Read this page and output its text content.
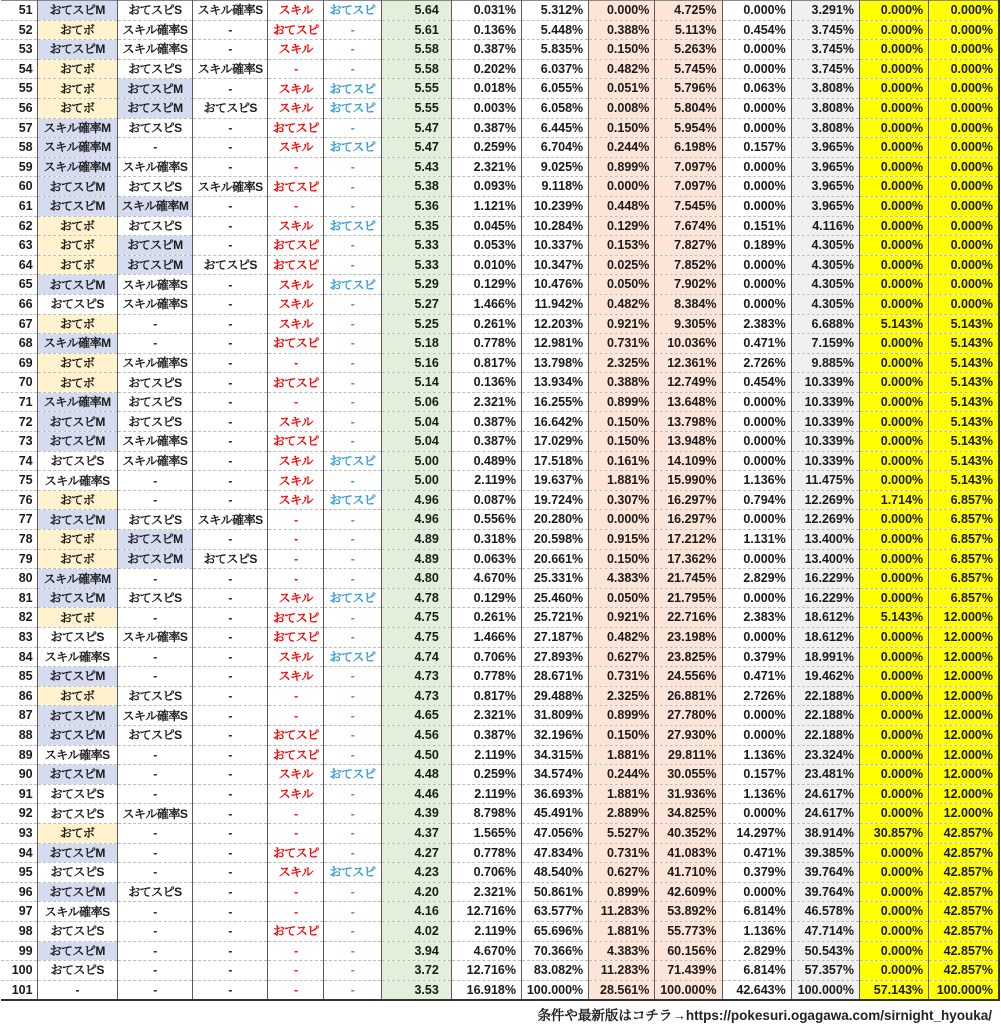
51	おてスピM	おてスピS	スキル確率S	スキル	おてスピ	5.64	0.031%	5.312%	0.000%	4.725%	0.000%	3.291%	0.000%	0.000%
52	おてボ	スキル確率S	-	おてスピ	-	5.61	0.136%	5.448%	0.388%	5.113%	0.454%	3.745%	0.000%	0.000%
53	おてスピM	スキル確率S	-	スキル	-	5.58	0.387%	5.835%	0.150%	5.263%	0.000%	3.745%	0.000%	0.000%
54	おてボ	おてスピS	スキル確率S	-	-	5.58	0.202%	6.037%	0.482%	5.745%	0.000%	3.745%	0.000%	0.000%
55	おてボ	おてスピM	-	スキル	おてスピ	5.55	0.018%	6.055%	0.051%	5.796%	0.063%	3.808%	0.000%	0.000%
56	おてボ	おてスピM	おてスピS	スキル	おてスピ	5.55	0.003%	6.058%	0.008%	5.804%	0.000%	3.808%	0.000%	0.000%
57	スキル確率M	おてスピS	-	おてスピ	-	5.47	0.387%	6.445%	0.150%	5.954%	0.000%	3.808%	0.000%	0.000%
58	スキル確率M	-	-	スキル	おてスピ	5.47	0.259%	6.704%	0.244%	6.198%	0.157%	3.965%	0.000%	0.000%
59	スキル確率M	スキル確率S	-	-	-	5.43	2.321%	9.025%	0.899%	7.097%	0.000%	3.965%	0.000%	0.000%
60	おてスピM	おてスピS	スキル確率S	おてスピ	-	5.38	0.093%	9.118%	0.000%	7.097%	0.000%	3.965%	0.000%	0.000%
61	おてスピM	スキル確率M	-	-	-	5.36	1.121%	10.239%	0.448%	7.545%	0.000%	3.965%	0.000%	0.000%
62	おてボ	おてスピS	-	スキル	おてスピ	5.35	0.045%	10.284%	0.129%	7.674%	0.151%	4.116%	0.000%	0.000%
63	おてボ	おてスピM	-	おてスピ	-	5.33	0.053%	10.337%	0.153%	7.827%	0.189%	4.305%	0.000%	0.000%
64	おてボ	おてスピM	おてスピS	おてスピ	-	5.33	0.010%	10.347%	0.025%	7.852%	0.000%	4.305%	0.000%	0.000%
65	おてスピM	スキル確率S	-	スキル	おてスピ	5.29	0.129%	10.476%	0.050%	7.902%	0.000%	4.305%	0.000%	0.000%
66	おてスピS	スキル確率S	-	スキル	-	5.27	1.466%	11.942%	0.482%	8.384%	0.000%	4.305%	0.000%	0.000%
67	おてボ	-	-	スキル	-	5.25	0.261%	12.203%	0.921%	9.305%	2.383%	6.688%	5.143%	5.143%
68	スキル確率M	-	-	おてスピ	-	5.18	0.778%	12.981%	0.731%	10.036%	0.471%	7.159%	0.000%	5.143%
69	おてボ	スキル確率S	-	-	-	5.16	0.817%	13.798%	2.325%	12.361%	2.726%	9.885%	0.000%	5.143%
70	おてボ	おてスピS	-	おてスピ	-	5.14	0.136%	13.934%	0.388%	12.749%	0.454%	10.339%	0.000%	5.143%
71	スキル確率M	おてスピS	-	-	-	5.06	2.321%	16.255%	0.899%	13.648%	0.000%	10.339%	0.000%	5.143%
72	おてスピM	おてスピS	-	スキル	-	5.04	0.387%	16.642%	0.150%	13.798%	0.000%	10.339%	0.000%	5.143%
73	おてスピM	スキル確率S	-	おてスピ	-	5.04	0.387%	17.029%	0.150%	13.948%	0.000%	10.339%	0.000%	5.143%
74	おてスピS	スキル確率S	-	スキル	おてスピ	5.00	0.489%	17.518%	0.161%	14.109%	0.000%	10.339%	0.000%	5.143%
75	スキル確率S	-	-	スキル	-	5.00	2.119%	19.637%	1.881%	15.990%	1.136%	11.475%	0.000%	5.143%
76	おてボ	-	-	スキル	おてスピ	4.96	0.087%	19.724%	0.307%	16.297%	0.794%	12.269%	1.714%	6.857%
77	おてスピM	おてスピS	スキル確率S	-	-	4.96	0.556%	20.280%	0.000%	16.297%	0.000%	12.269%	0.000%	6.857%
78	おてボ	おてスピM	-	-	-	4.89	0.318%	20.598%	0.915%	17.212%	1.131%	13.400%	0.000%	6.857%
79	おてボ	おてスピM	おてスピS	-	-	4.89	0.063%	20.661%	0.150%	17.362%	0.000%	13.400%	0.000%	6.857%
80	スキル確率M	-	-	-	-	4.80	4.670%	25.331%	4.383%	21.745%	2.829%	16.229%	0.000%	6.857%
81	おてスピM	おてスピS	-	スキル	おてスピ	4.78	0.129%	25.460%	0.050%	21.795%	0.000%	16.229%	0.000%	6.857%
82	おてボ	-	-	おてスピ	-	4.75	0.261%	25.721%	0.921%	22.716%	2.383%	18.612%	5.143%	12.000%
83	おてスピS	スキル確率S	-	おてスピ	-	4.75	1.466%	27.187%	0.482%	23.198%	0.000%	18.612%	0.000%	12.000%
84	スキル確率S	-	-	スキル	おてスピ	4.74	0.706%	27.893%	0.627%	23.825%	0.379%	18.991%	0.000%	12.000%
85	おてスピM	-	-	スキル	-	4.73	0.778%	28.671%	0.731%	24.556%	0.471%	19.462%	0.000%	12.000%
86	おてボ	おてスピS	-	-	-	4.73	0.817%	29.488%	2.325%	26.881%	2.726%	22.188%	0.000%	12.000%
87	おてスピM	スキル確率S	-	-	-	4.65	2.321%	31.809%	0.899%	27.780%	0.000%	22.188%	0.000%	12.000%
88	おてスピM	おてスピS	-	おてスピ	-	4.56	0.387%	32.196%	0.150%	27.930%	0.000%	22.188%	0.000%	12.000%
89	スキル確率S	-	-	おてスピ	-	4.50	2.119%	34.315%	1.881%	29.811%	1.136%	23.324%	0.000%	12.000%
90	おてスピM	-	-	スキル	おてスピ	4.48	0.259%	34.574%	0.244%	30.055%	0.157%	23.481%	0.000%	12.000%
91	おてスピS	-	-	スキル	-	4.46	2.119%	36.693%	1.881%	31.936%	1.136%	24.617%	0.000%	12.000%
92	おてスピS	スキル確率S	-	-	-	4.39	8.798%	45.491%	2.889%	34.825%	0.000%	24.617%	0.000%	12.000%
93	おてボ	-	-	-	-	4.37	1.565%	47.056%	5.527%	40.352%	14.297%	38.914%	30.857%	42.857%
94	おてスピM	-	-	おてスピ	-	4.27	0.778%	47.834%	0.731%	41.083%	0.471%	39.385%	0.000%	42.857%
95	おてスピS	-	-	スキル	おてスピ	4.23	0.706%	48.540%	0.627%	41.710%	0.379%	39.764%	0.000%	42.857%
96	おてスピM	おてスピS	-	-	-	4.20	2.321%	50.861%	0.899%	42.609%	0.000%	39.764%	0.000%	42.857%
97	スキル確率S	-	-	-	-	4.16	12.716%	63.577%	11.283%	53.892%	6.814%	46.578%	0.000%	42.857%
98	おてスピS	-	-	おてスピ	-	4.02	2.119%	65.696%	1.881%	55.773%	1.136%	47.714%	0.000%	42.857%
99	おてスピM	-	-	-	-	3.94	4.670%	70.366%	4.383%	60.156%	2.829%	50.543%	0.000%	42.857%
100	おてスピS	-	-	-	-	3.72	12.716%	83.082%	11.283%	71.439%	6.814%	57.357%	0.000%	42.857%
101	-	-	-	-	-	3.53	16.918%	100.000%	28.561%	100.000%	42.643%	100.000%	57.143%	100.000%
条件や最新版はコチラ→https://pokesuri.ogagawa.com/sirnight_hyouka/
